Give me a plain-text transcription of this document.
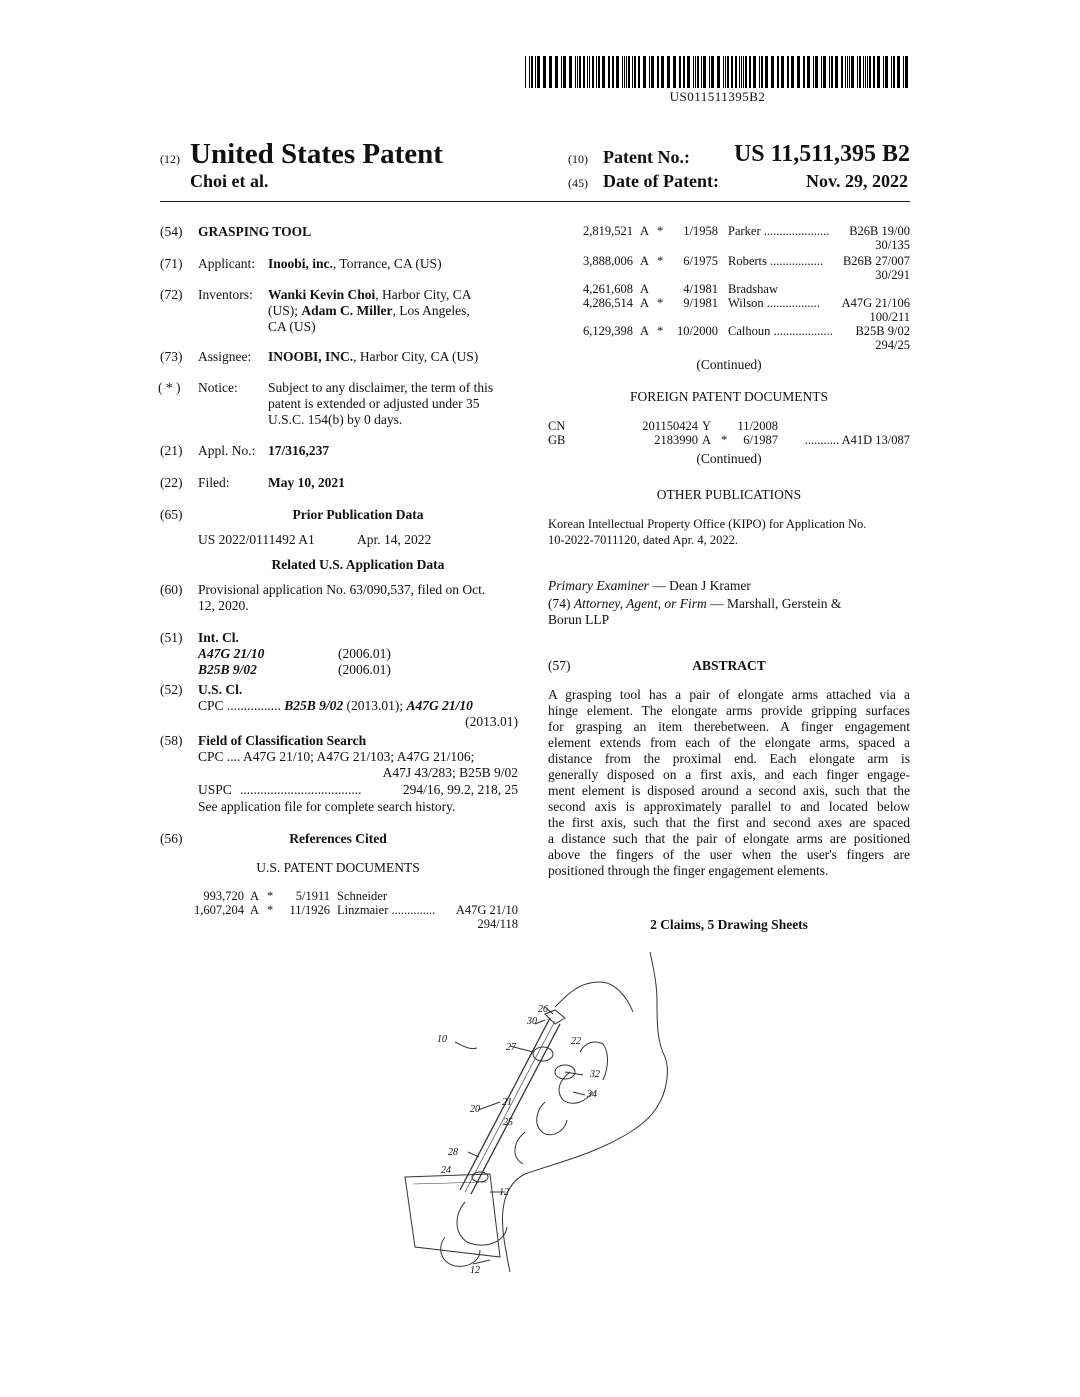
US011511395B2
(12) United States Patent
Choi et al.
(10) Patent No.:	US 11,511,395 B2
(45) Date of Patent:	Nov. 29, 2022
(54) GRASPING TOOL
(71) Applicant: Inoobi, inc., Torrance, CA (US)
(72) Inventors: Wanki Kevin Choi, Harbor City, CA
(US); Adam C. Miller, Los Angeles,
CA (US)
(73) Assignee: INOOBI, INC., Harbor City, CA (US)
( * ) Notice: Subject to any disclaimer, the term of this
patent is extended or adjusted under 35
U.S.C. 154(b) by 0 days.
(21) Appl. No.: 17/316,237
(22) Filed:	May 10, 2021
(65)	Prior Publication Data
US 2022/0111492 A1	Apr. 14, 2022
Related U.S. Application Data
(60) Provisional application No. 63/090,537, filed on Oct.
12, 2020.
(51) Int. Cl.
A47G 21/10	(2006.01)
B25B 9/02	(2006.01)
(52) U.S. Cl.
CPC ................ B25B 9/02 (2013.01); A47G 21/10
(2013.01)
(58) Field of Classification Search
CPC .... A47G 21/10; A47G 21/103; A47G 21/106;
A47J 43/283; B25B 9/02
USPC ....................................	294/16, 99.2, 218, 25
See application file for complete search history.
(56)	References Cited
U.S. PATENT DOCUMENTS
993,720 A *	5/1911 Schneider
1,607,204 A *	11/1926 Linzmaier ..............	A47G 21/10
294/118
2,819,521 A *	1/1958 Parker .....................	B26B 19/00
30/135
3,888,006 A *	6/1975 Roberts .................	B26B 27/007
30/291
4,261,608 A	4/1981 Bradshaw
4,286,514 A *	9/1981 Wilson .................	A47G 21/106
100/211
6,129,398 A *	10/2000 Calhoun ...................	B25B 9/02
294/25
(Continued)
FOREIGN PATENT DOCUMENTS
CN	201150424 Y	11/2008
GB	2183990 A *	6/1987	........... A41D 13/087
(Continued)
OTHER PUBLICATIONS
Korean Intellectual Property Office (KIPO) for Application No.
10-2022-7011120, dated Apr. 4, 2022.
Primary Examiner — Dean J Kramer
(74) Attorney, Agent, or Firm — Marshall, Gerstein &
Borun LLP
(57)	ABSTRACT
A grasping tool has a pair of elongate arms attached via a
hinge element. The elongate arms provide gripping surfaces
for grasping an item therebetween. A finger engagement
element extends from each of the elongate arms, spaced a
distance from the proximal end. Each elongate arm is
generally disposed on a first axis, and each finger engage-
ment element is disposed around a second axis, such that the
second axis is approximately parallel to and located below
the first axis, such that the first and second axes are spaced
a distance such that the pair of elongate arms are positioned
above the fingers of the user when the user's fingers are
positioned through the finger engagement elements.
2 Claims, 5 Drawing Sheets
10
26
30
27
22
32
34
20
21
25
28
24
12
12
